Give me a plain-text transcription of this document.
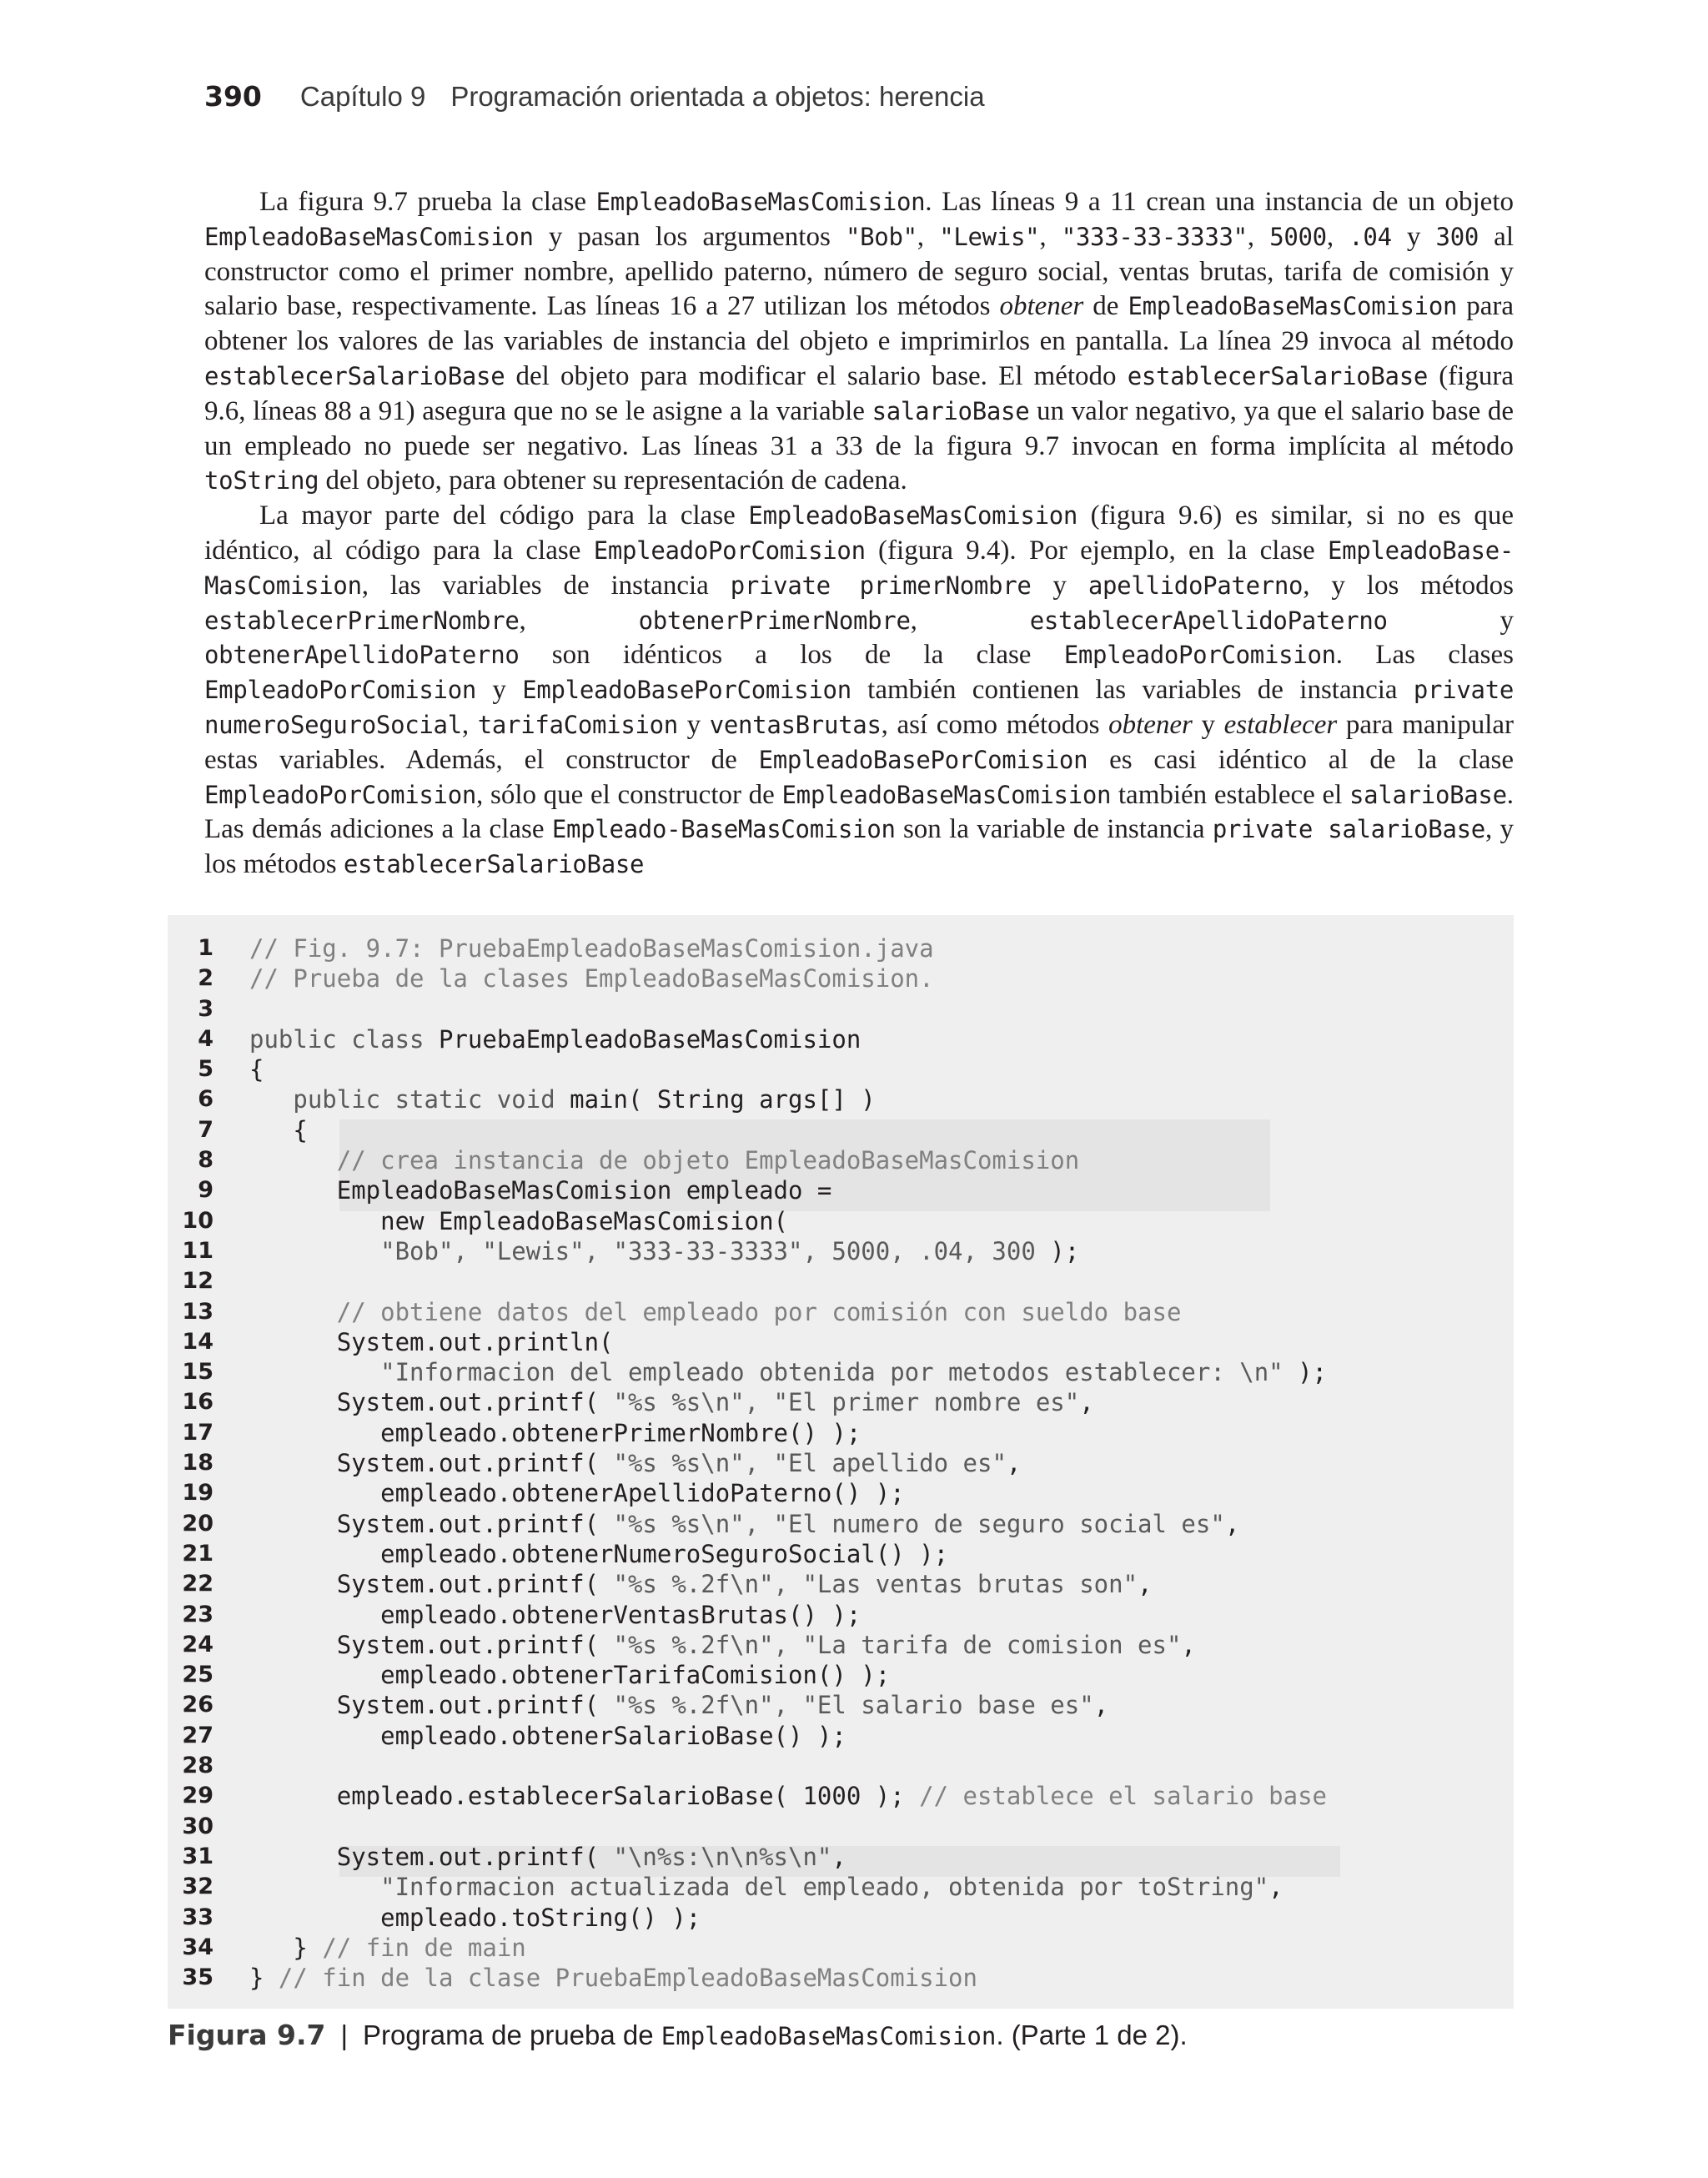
390 Capítulo 9 Programación orientada a objetos: herencia

La figura 9.7 prueba la clase EmpleadoBaseMasComision. Las líneas 9 a 11 crean una instancia de un objeto EmpleadoBaseMasComision y pasan los argumentos "Bob", "Lewis", "333-33-3333", 5000, .04 y 300 al constructor como el primer nombre, apellido paterno, número de seguro social, ventas brutas, tarifa de comisión y salario base, respectivamente. Las líneas 16 a 27 utilizan los métodos obtener de EmpleadoBaseMasComision para obtener los valores de las variables de instancia del objeto e imprimirlos en pantalla. La línea 29 invoca al método establecerSalarioBase del objeto para modificar el salario base. El método establecerSalarioBase (figura 9.6, líneas 88 a 91) asegura que no se le asigne a la variable salarioBase un valor negativo, ya que el salario base de un empleado no puede ser negativo. Las líneas 31 a 33 de la figura 9.7 invocan en forma implícita al método toString del objeto, para obtener su representación de cadena.

La mayor parte del código para la clase EmpleadoBaseMasComision (figura 9.6) es similar, si no es que idéntico, al código para la clase EmpleadoPorComision (figura 9.4). Por ejemplo, en la clase EmpleadoBase-MasComision, las variables de instancia private primerNombre y apellidoPaterno, y los métodos establecerPrimerNombre, obtenerPrimerNombre, establecerApellidoPaterno y obtenerApellidoPaterno son idénticos a los de la clase EmpleadoPorComision. Las clases EmpleadoPorComision y EmpleadoBasePorComision también contienen las variables de instancia private numeroSeguroSocial, tarifaComision y ventasBrutas, así como métodos obtener y establecer para manipular estas variables. Además, el constructor de EmpleadoBasePorComision es casi idéntico al de la clase EmpleadoPorComision, sólo que el constructor de EmpleadoBaseMasComision también establece el salarioBase. Las demás adiciones a la clase Empleado-BaseMasComision son la variable de instancia private salarioBase, y los métodos establecerSalarioBase

1 // Fig. 9.7: PruebaEmpleadoBaseMasComision.java
2 // Prueba de la clases EmpleadoBaseMasComision.
3
4 public class PruebaEmpleadoBaseMasComision
5 {
6 public static void main( String args[] )
7 {
8 // crea instancia de objeto EmpleadoBaseMasComision
9 EmpleadoBaseMasComision empleado =
10 new EmpleadoBaseMasComision(
11 "Bob", "Lewis", "333-33-3333", 5000, .04, 300 );
12
13 // obtiene datos del empleado por comisión con sueldo base
14 System.out.println(
15 "Informacion del empleado obtenida por metodos establecer: \n" );
16 System.out.printf( "%s %s\n", "El primer nombre es",
17 empleado.obtenerPrimerNombre() );
18 System.out.printf( "%s %s\n", "El apellido es",
19 empleado.obtenerApellidoPaterno() );
20 System.out.printf( "%s %s\n", "El numero de seguro social es",
21 empleado.obtenerNumeroSeguroSocial() );
22 System.out.printf( "%s %.2f\n", "Las ventas brutas son",
23 empleado.obtenerVentasBrutas() );
24 System.out.printf( "%s %.2f\n", "La tarifa de comision es",
25 empleado.obtenerTarifaComision() );
26 System.out.printf( "%s %.2f\n", "El salario base es",
27 empleado.obtenerSalarioBase() );
28
29 empleado.establecerSalarioBase( 1000 ); // establece el salario base
30
31 System.out.printf( "\n%s:\n\n%s\n",
32 "Informacion actualizada del empleado, obtenida por toString",
33 empleado.toString() );
34 } // fin de main
35 } // fin de la clase PruebaEmpleadoBaseMasComision
Figura 9.7 | Programa de prueba de EmpleadoBaseMasComision. (Parte 1 de 2).
